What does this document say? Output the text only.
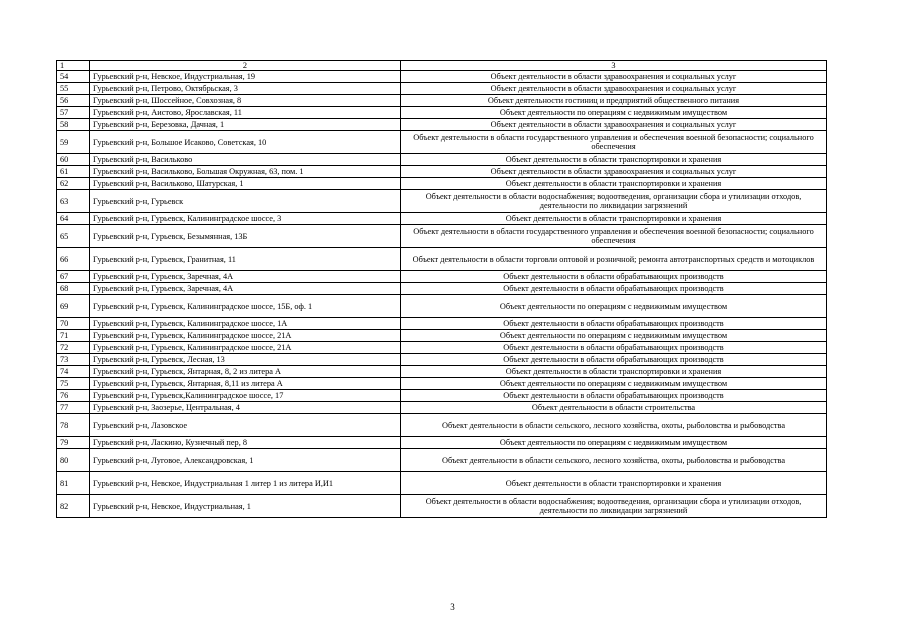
1	2	3
54	Гурьевский р-н, Невское, Индустриальная, 19	Объект деятельности в области здравоохранения и социальных услуг
55	Гурьевский р-н, Петрово, Октябрьская, 3	Объект деятельности в области здравоохранения и социальных услуг
56	Гурьевский р-н, Шоссейное, Совхозная, 8	Объект деятельности гостиниц и предприятий общественного питания
57	Гурьевский р-н, Аистово, Ярославская, 11	Объект деятельности по операциям с недвижимым имуществом
58	Гурьевский р-н, Березовка, Дачная, 1	Объект деятельности в области здравоохранения и социальных услуг
59	Гурьевский р-н, Большое Исаково, Советская, 10	Объект деятельности в области государственного управления и обеспечения военной безопасности; социального обеспечения
60	Гурьевский р-н, Васильково	Объект деятельности в области транспортировки и хранения
61	Гурьевский р-н, Васильково, Большая Окружная, 63, пом. 1	Объект деятельности в области здравоохранения и социальных услуг
62	Гурьевский р-н, Васильково, Шатурская, 1	Объект деятельности в области транспортировки и хранения
63	Гурьевский р-н, Гурьевск	Объект деятельности в области водоснабжения; водоотведения, организации сбора и утилизации отходов, деятельности по ликвидации загрязнений
64	Гурьевский р-н, Гурьевск, Калининградское шоссе, 3	Объект деятельности в области транспортировки и хранения
65	Гурьевский р-н, Гурьевск, Безымянная, 13Б	Объект деятельности в области государственного управления и обеспечения военной безопасности; социального обеспечения
66	Гурьевский р-н, Гурьевск, Гранитная, 11	Объект деятельности в области торговли оптовой и розничной; ремонта автотранспортных средств и мотоциклов
67	Гурьевский р-н, Гурьевск, Заречная, 4А	Объект деятельности в области обрабатывающих производств
68	Гурьевский р-н, Гурьевск, Заречная, 4А	Объект деятельности в области обрабатывающих производств
69	Гурьевский р-н, Гурьевск, Калининградское шоссе, 15Б, оф. 1	Объект деятельности по операциям с недвижимым имуществом
70	Гурьевский р-н, Гурьевск, Калининградское шоссе, 1А	Объект деятельности в области обрабатывающих производств
71	Гурьевский р-н, Гурьевск, Калининградское шоссе, 21А	Объект деятельности по операциям с недвижимым имуществом
72	Гурьевский р-н, Гурьевск, Калининградское шоссе, 21А	Объект деятельности в области обрабатывающих производств
73	Гурьевский р-н, Гурьевск, Лесная, 13	Объект деятельности в области обрабатывающих производств
74	Гурьевский р-н, Гурьевск, Янтарная, 8, 2 из литера А	Объект деятельности в области транспортировки и хранения
75	Гурьевский р-н, Гурьевск, Янтарная, 8,11 из литера А	Объект деятельности по операциям с недвижимым имуществом
76	Гурьевский р-н, Гурьевск,Калининградское шоссе, 17	Объект деятельности в области обрабатывающих производств
77	Гурьевский р-н, Заозерье, Центральная, 4	Объект деятельности в области строительства
78	Гурьевский р-н, Лазовское	Объект деятельности в области сельского, лесного хозяйства, охоты, рыболовства и рыбоводства
79	Гурьевский р-н, Ласкино, Кузнечный пер, 8	Объект деятельности по операциям с недвижимым имуществом
80	Гурьевский р-н, Луговое, Александровская, 1	Объект деятельности в области сельского, лесного хозяйства, охоты, рыболовства и рыбоводства
81	Гурьевский р-н, Невское, Индустриальная 1 литер 1 из литера И,И1	Объект деятельности в области транспортировки и хранения
82	Гурьевский р-н, Невское, Индустриальная, 1	Объект деятельности в области водоснабжения; водоотведения, организации сбора и утилизации отходов, деятельности по ликвидации загрязнений
3
